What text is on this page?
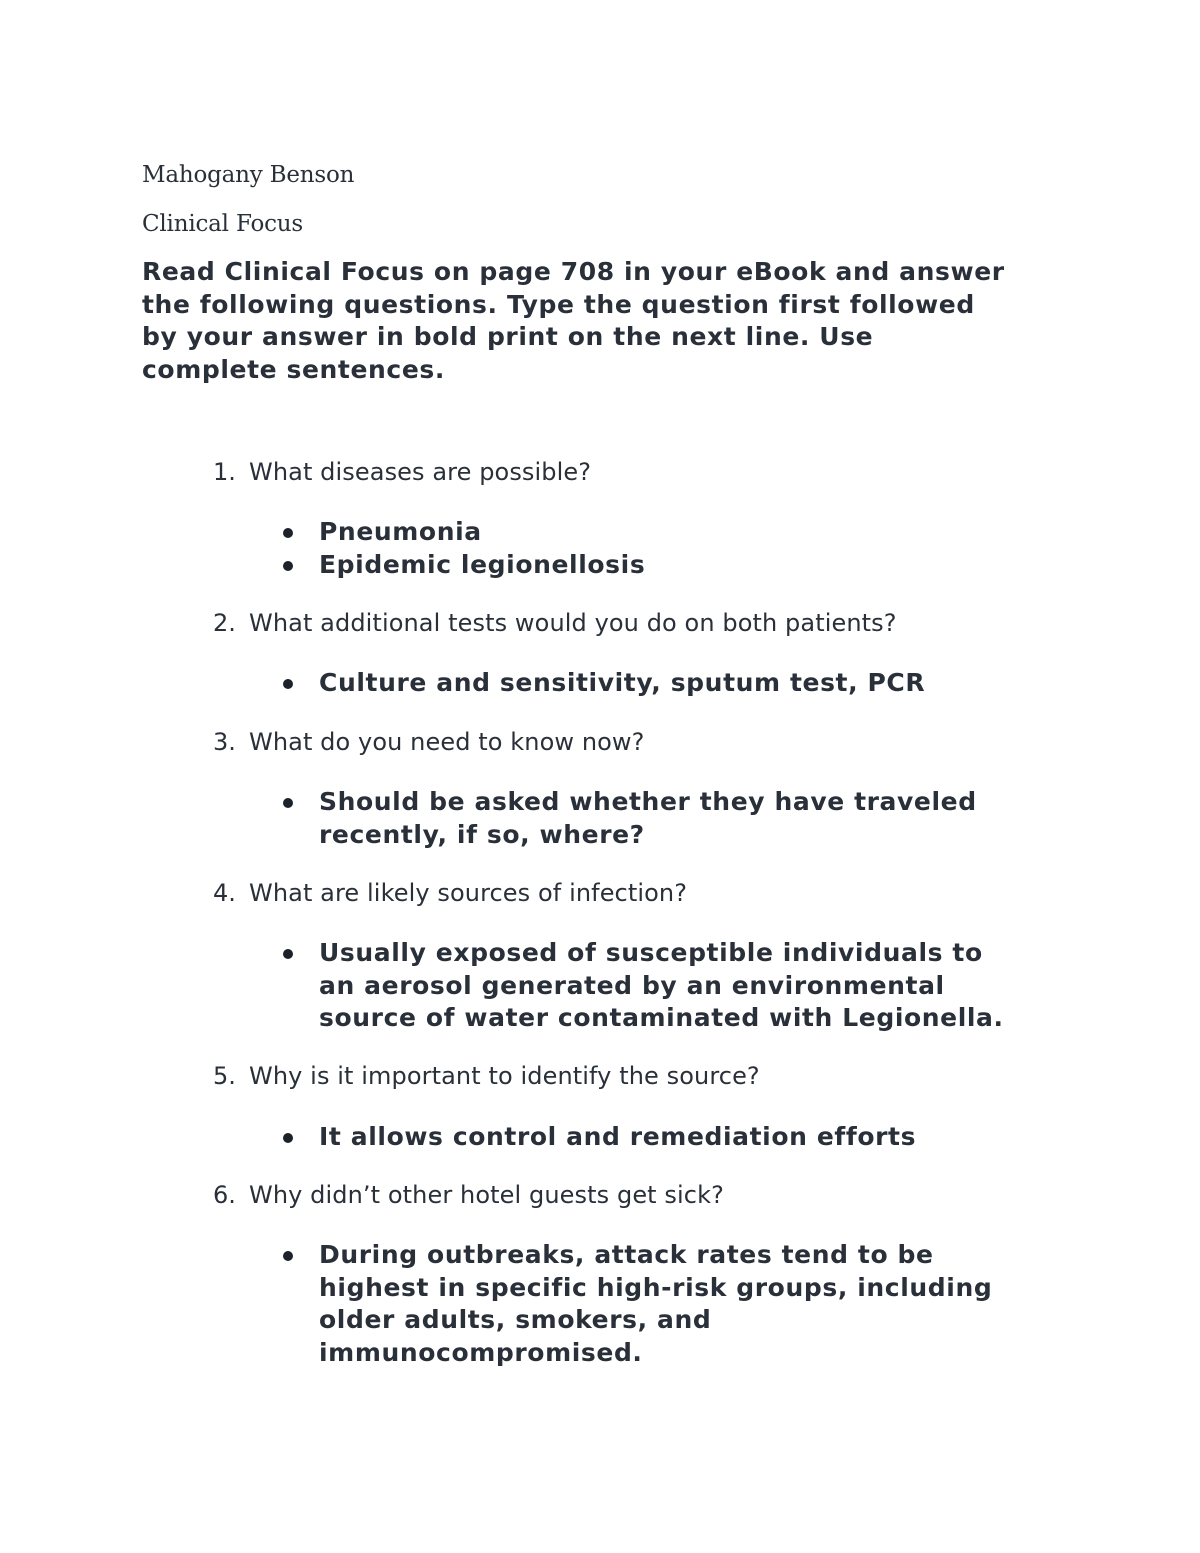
Mahogany Benson
Clinical Focus
Read Clinical Focus on page 708 in your eBook and answer
the following questions. Type the question first followed
by your answer in bold print on the next line. Use
complete sentences.
1. What diseases are possible?
Pneumonia
Epidemic legionellosis
2. What additional tests would you do on both patients?
Culture and sensitivity, sputum test, PCR
3. What do you need to know now?
Should be asked whether they have traveled
recently, if so, where?
4. What are likely sources of infection?
Usually exposed of susceptible individuals to
an aerosol generated by an environmental
source of water contaminated with Legionella.
5. Why is it important to identify the source?
It allows control and remediation efforts
6. Why didn’t other hotel guests get sick?
During outbreaks, attack rates tend to be
highest in specific high-risk groups, including
older adults, smokers, and
immunocompromised.
